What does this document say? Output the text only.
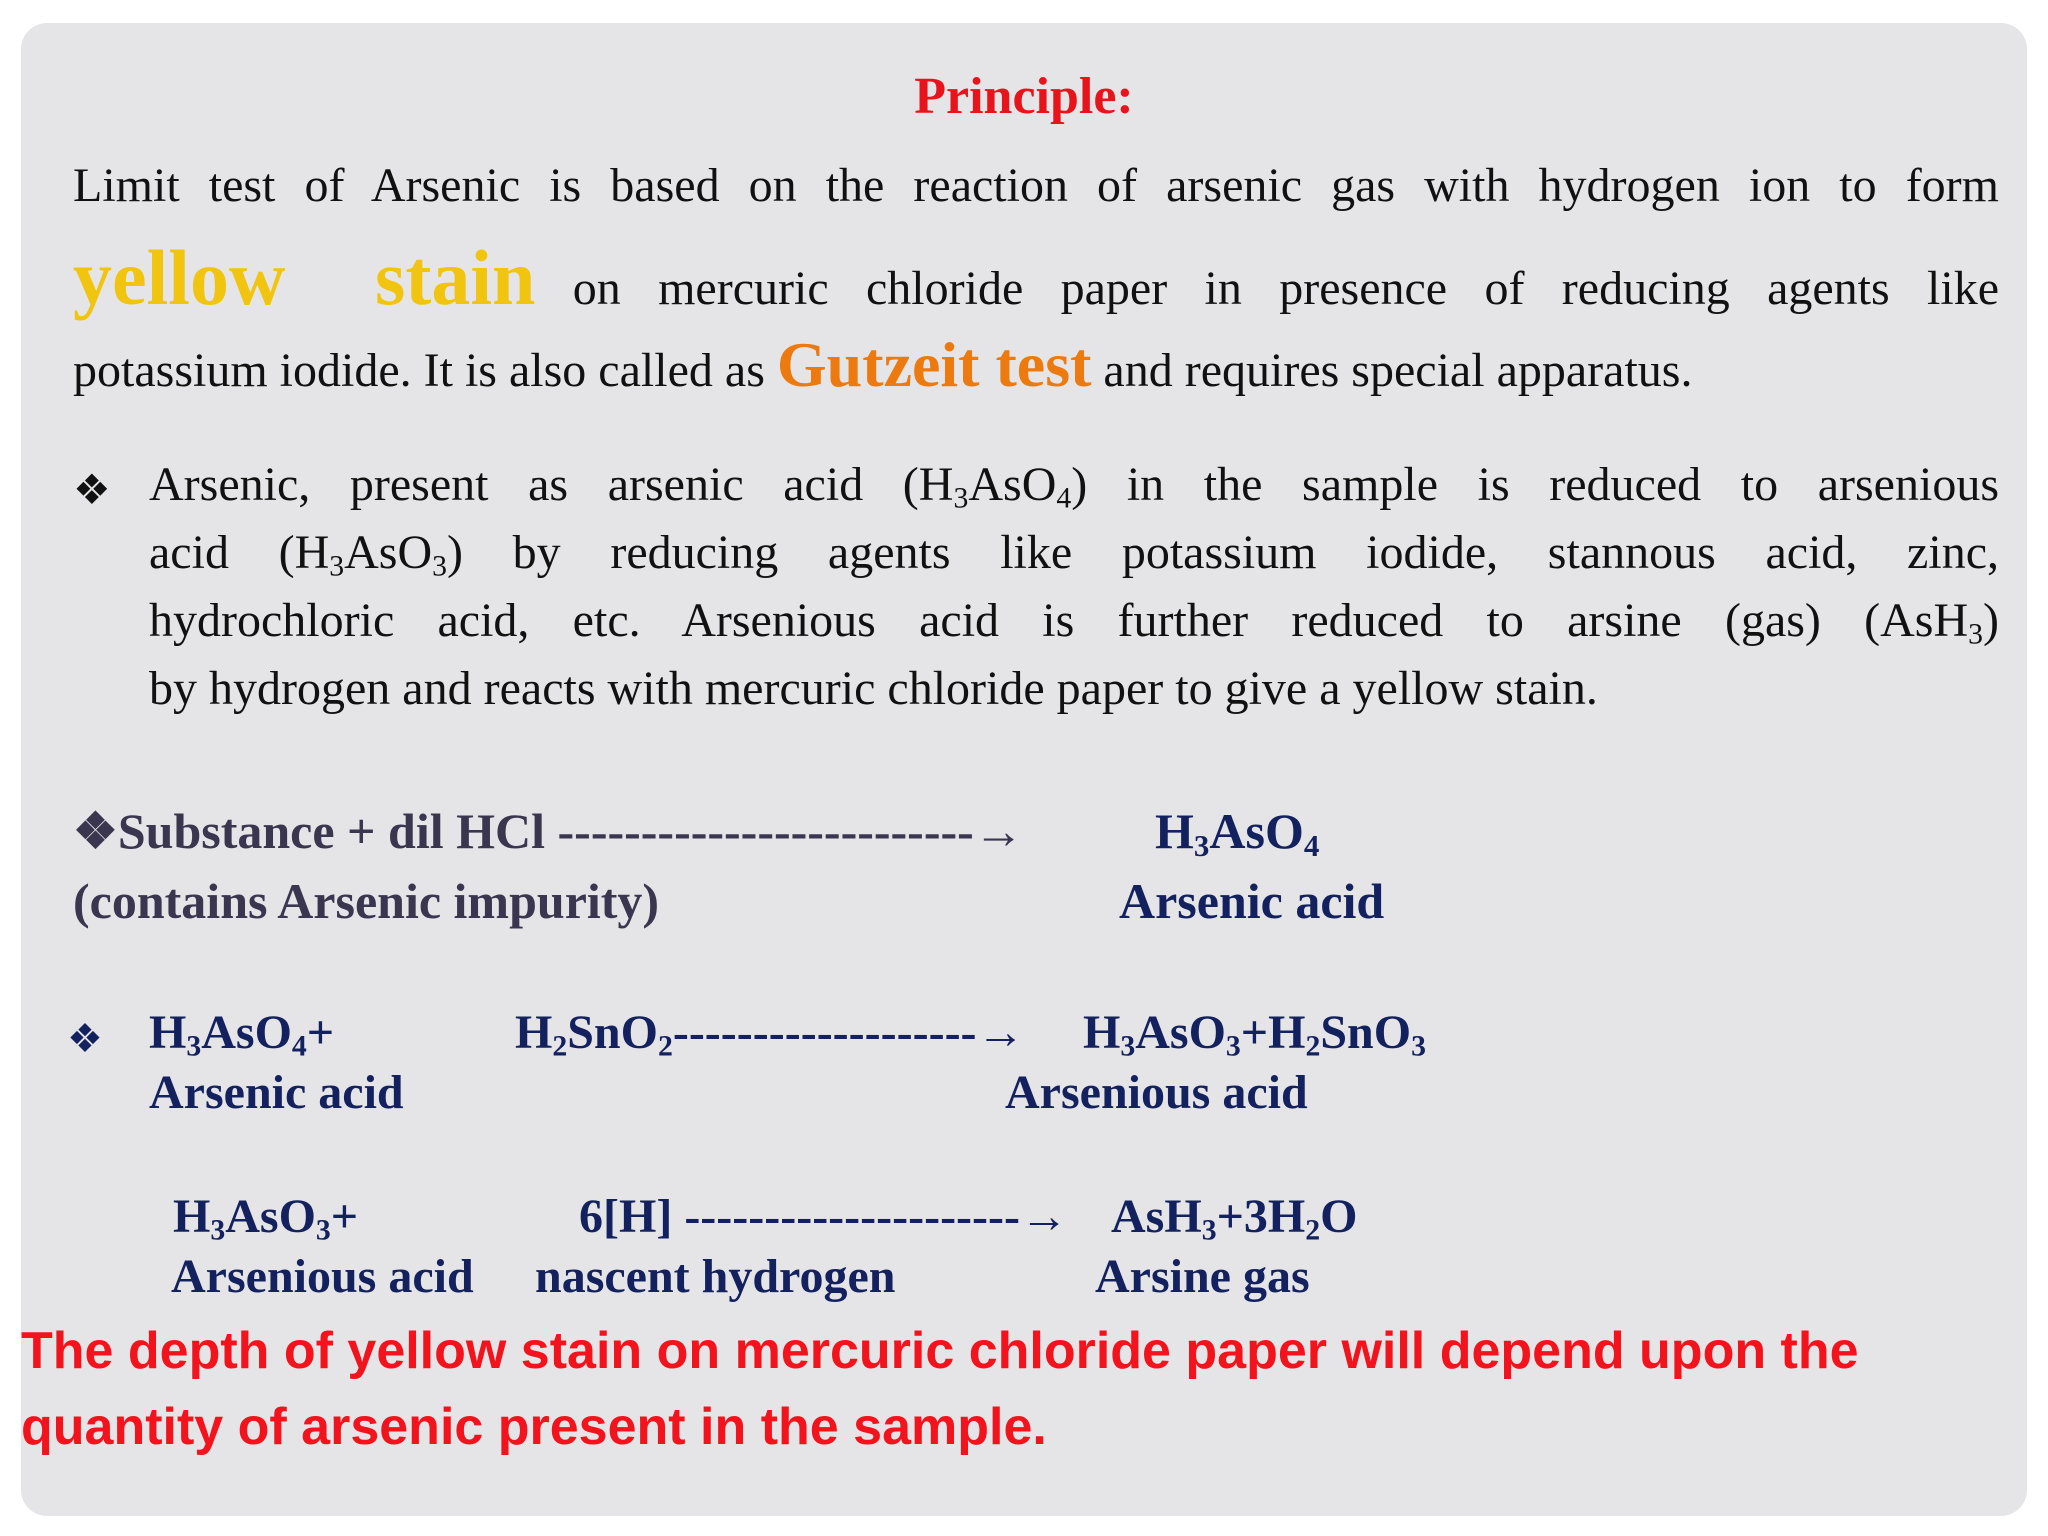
Principle:
Limit test of Arsenic is based on the reaction of arsenic gas with hydrogen ion to form
yellow  stain on mercuric chloride paper in presence of reducing agents like
potassium iodide. It is also called as Gutzeit test and requires special apparatus.
❖ Arsenic, present as arsenic acid $(H_3AsO_4)$ in the sample is reduced to arsenious
acid $(H_3AsO_3)$ by reducing agents like potassium iodide, stannous acid, zinc,
hydrochloric acid, etc. Arsenious acid is further reduced to arsine (gas) (AsH$_3$)
by hydrogen and reacts with mercuric chloride paper to give a yellow stain.
❖Substance + dil HCl -------------------------→	$H_3AsO_4$
(contains Arsenic impurity)	Arsenic acid
❖ $H_3AsO_4+$	$H_2SnO_2-------------------\to H_3AsO_3+H_2SnO_3$
Arsenic acid	Arsenious acid
$H_3AsO_3+$	6[H] ---------------------→ $AsH_3+3H_2O$
Arsenious acid nascent hydrogen	Arsine gas
The depth of yellow stain on mercuric chloride paper will depend upon the
quantity of arsenic present in the sample.
